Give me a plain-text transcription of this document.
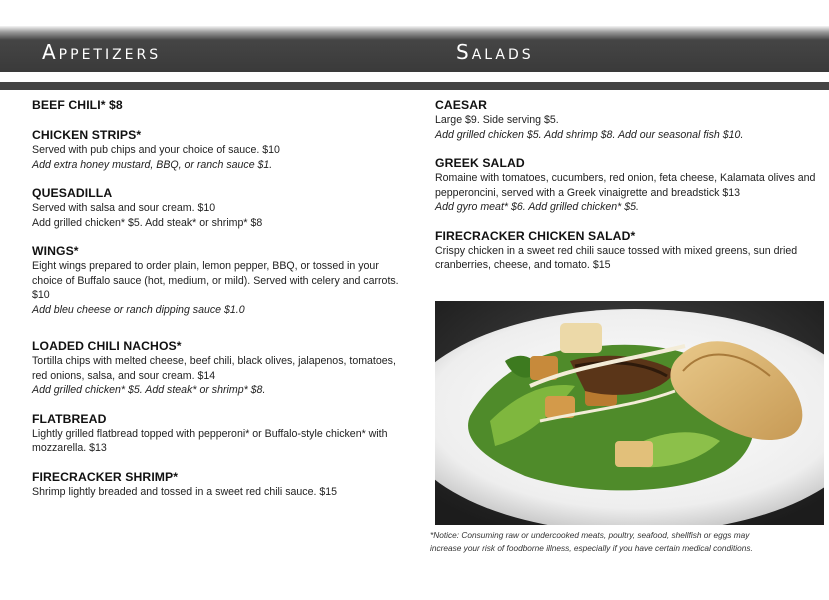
Appetizers	Salads
BEEF CHILI* $8
CHICKEN STRIPS*

Served with pub chips and your choice of sauce. $10

Add extra honey mustard, BBQ, or ranch sauce $1.

QUESADILLA

Served with salsa and sour cream. $10

Add grilled chicken* $5. Add steak* or shrimp* $8

WINGS*

Eight wings prepared to order plain, lemon pepper, BBQ, or tossed in your choice of Buffalo sauce (hot, medium, or mild). Served with celery and carrots. $10

Add bleu cheese or ranch dipping sauce $1.0

LOADED CHILI NACHOS*

Tortilla chips with melted cheese, beef chili, black olives, jalapenos, tomatoes, red onions, salsa, and sour cream. $14

Add grilled chicken* $5. Add steak* or shrimp* $8.

FLATBREAD

Lightly grilled flatbread topped with pepperoni* or Buffalo-style chicken* with mozzarella. $13

FIRECRACKER SHRIMP*

Shrimp lightly breaded and tossed in a sweet red chili sauce. $15

CAESAR

Large $9. Side serving $5.

Add grilled chicken $5. Add shrimp $8. Add our seasonal fish $10.

GREEK SALAD

Romaine with tomatoes, cucumbers, red onion, feta cheese, Kalamata olives and pepperoncini, served with a Greek vinaigrette and breadstick $13

Add gyro meat* $6. Add grilled chicken* $5.

FIRECRACKER CHICKEN SALAD*

Crispy chicken in a sweet red chili sauce tossed with mixed greens, sun dried cranberries, cheese, and tomato. $15

*Notice: Consuming raw or undercooked meats, poultry, seafood, shellfish or eggs may
increase your risk of foodborne illness, especially if you have certain medical conditions.
